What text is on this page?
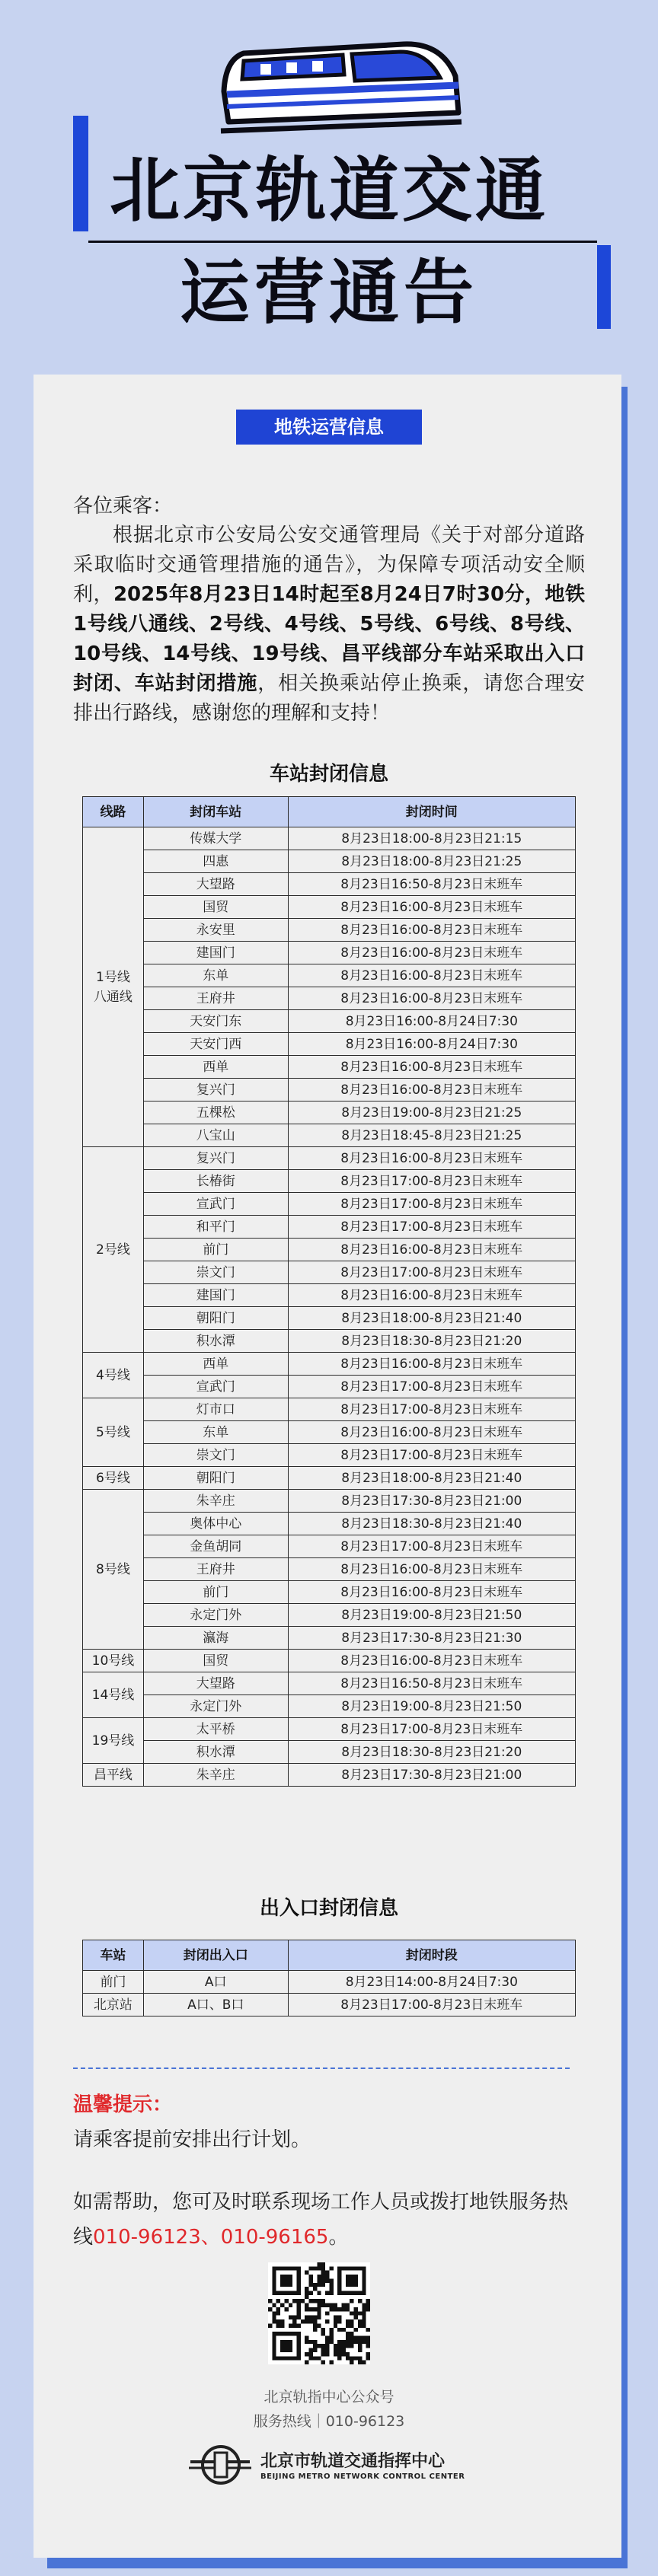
北京轨道交通
运营通告
地铁运营信息
各位乘客：
根据北京市公安局公安交通管理局《关于对部分道路采取临时交通管理措施的通告》，为保障专项活动安全顺利，2025年8月23日14时起至8月24日7时30分，地铁1号线八通线、2号线、4号线、5号线、6号线、8号线、10号线、14号线、19号线、昌平线部分车站采取出入口封闭、车站封闭措施，相关换乘站停止换乘，请您合理安排出行路线，感谢您的理解和支持！
车站封闭信息
线路	封闭车站	封闭时间
1号线
八通线	传媒大学	8月23日18:00-8月23日21:15
	四惠	8月23日18:00-8月23日21:25
	大望路	8月23日16:50-8月23日末班车
	国贸	8月23日16:00-8月23日末班车
	永安里	8月23日16:00-8月23日末班车
	建国门	8月23日16:00-8月23日末班车
	东单	8月23日16:00-8月23日末班车
	王府井	8月23日16:00-8月23日末班车
	天安门东	8月23日16:00-8月24日7:30
	天安门西	8月23日16:00-8月24日7:30
	西单	8月23日16:00-8月23日末班车
	复兴门	8月23日16:00-8月23日末班车
	五棵松	8月23日19:00-8月23日21:25
	八宝山	8月23日18:45-8月23日21:25
2号线	复兴门	8月23日16:00-8月23日末班车
	长椿街	8月23日17:00-8月23日末班车
	宣武门	8月23日17:00-8月23日末班车
	和平门	8月23日17:00-8月23日末班车
	前门	8月23日16:00-8月23日末班车
	崇文门	8月23日17:00-8月23日末班车
	建国门	8月23日16:00-8月23日末班车
	朝阳门	8月23日18:00-8月23日21:40
	积水潭	8月23日18:30-8月23日21:20
4号线	西单	8月23日16:00-8月23日末班车
	宣武门	8月23日17:00-8月23日末班车
5号线	灯市口	8月23日17:00-8月23日末班车
	东单	8月23日16:00-8月23日末班车
	崇文门	8月23日17:00-8月23日末班车
6号线	朝阳门	8月23日18:00-8月23日21:40
8号线	朱辛庄	8月23日17:30-8月23日21:00
	奥体中心	8月23日18:30-8月23日21:40
	金鱼胡同	8月23日17:00-8月23日末班车
	王府井	8月23日16:00-8月23日末班车
	前门	8月23日16:00-8月23日末班车
	永定门外	8月23日19:00-8月23日21:50
	瀛海	8月23日17:30-8月23日21:30
10号线	国贸	8月23日16:00-8月23日末班车
14号线	大望路	8月23日16:50-8月23日末班车
	永定门外	8月23日19:00-8月23日21:50
19号线	太平桥	8月23日17:00-8月23日末班车
	积水潭	8月23日18:30-8月23日21:20
昌平线	朱辛庄	8月23日17:30-8月23日21:00
出入口封闭信息
车站	封闭出入口	封闭时段
前门	A口	8月23日14:00-8月24日7:30
北京站	A口、B口	8月23日17:00-8月23日末班车
温馨提示：
请乘客提前安排出行计划。
如需帮助，您可及时联系现场工作人员或拨打地铁服务热线010-96123、010-96165。
北京轨指中心公众号
服务热线｜010-96123
北京市轨道交通指挥中心
BEIJING METRO NETWORK CONTROL CENTER
